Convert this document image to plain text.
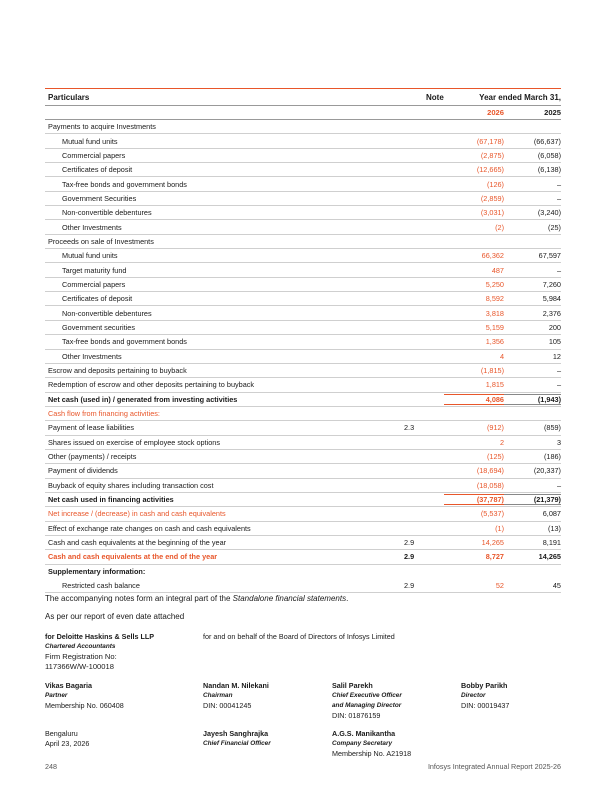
Particulars	Note	Year ended March 31,
2026	2025
Payments to acquire Investments
Mutual fund units	(67,178)	(66,637)
Commercial papers	(2,875)	(6,058)
Certificates of deposit	(12,665)	(6,138)
Tax-free bonds and government bonds	(126)	–
Government Securities	(2,859)	–
Non-convertible debentures	(3,031)	(3,240)
Other Investments	(2)	(25)
Proceeds on sale of Investments
Mutual fund units	66,362	67,597
Target maturity fund	487	–
Commercial papers	5,250	7,260
Certificates of deposit	8,592	5,984
Non-convertible debentures	3,818	2,376
Government securities	5,159	200
Tax-free bonds and government bonds	1,356	105
Other Investments	4	12
Escrow and deposits pertaining to buyback	(1,815)	–
Redemption of escrow and other deposits pertaining to buyback	1,815	–
Net cash (used in) / generated from investing activities	4,086	(1,943)
Cash flow from financing activities:
Payment of lease liabilities	2.3	(912)	(859)
Shares issued on exercise of employee stock options	2	3
Other (payments) / receipts	(125)	(186)
Payment of dividends	(18,694)	(20,337)
Buyback of equity shares including transaction cost	(18,058)	–
Net cash used in financing activities	(37,787)	(21,379)
Net increase / (decrease) in cash and cash equivalents	(5,537)	6,087
Effect of exchange rate changes on cash and cash equivalents	(1)	(13)
Cash and cash equivalents at the beginning of the year	2.9	14,265	8,191
Cash and cash equivalents at the end of the year	2.9	8,727	14,265
Supplementary information:
Restricted cash balance	2.9	52	45
The accompanying notes form an integral part of the Standalone financial statements.
As per our report of even date attached
for Deloitte Haskins & Sells LLP
Chartered Accountants
Firm Registration No:
117366W/W-100018
for and on behalf of the Board of Directors of Infosys Limited
Vikas Bagaria
Partner
Membership No. 060408
Nandan M. Nilekani
Chairman
DIN: 00041245
Salil Parekh
Chief Executive Officer
and Managing Director
DIN: 01876159
Bobby Parikh
Director
DIN: 00019437
Bengaluru
April 23, 2026
Jayesh Sanghrajka
Chief Financial Officer
A.G.S. Manikantha
Company Secretary
Membership No. A21918
248	Infosys Integrated Annual Report 2025-26
